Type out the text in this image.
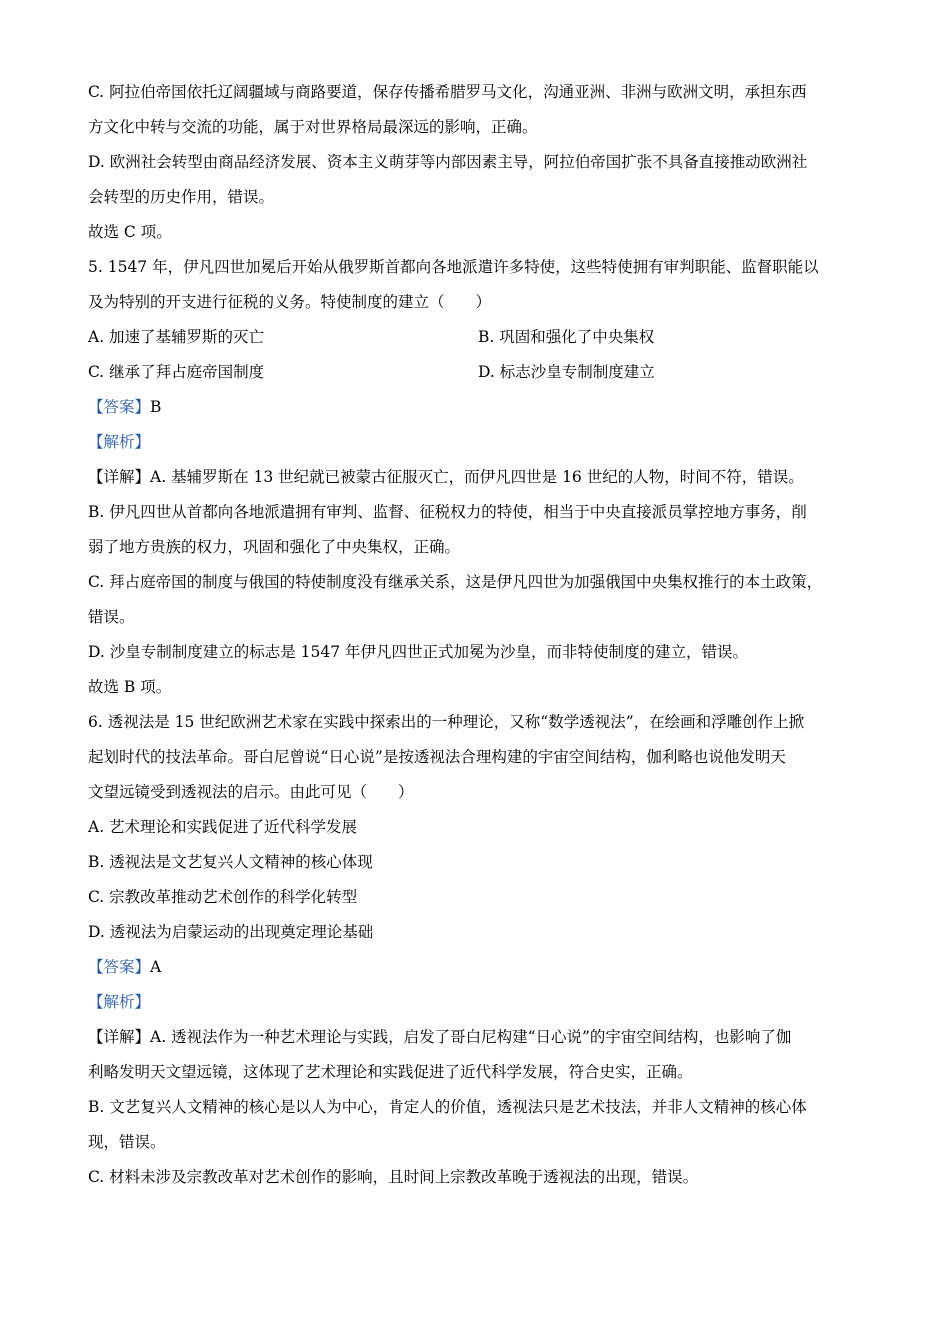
C. 阿拉伯帝国依托辽阔疆域与商路要道，保存传播希腊罗马文化，沟通亚洲、非洲与欧洲文明，承担东西
方文化中转与交流的功能，属于对世界格局最深远的影响，正确。
D. 欧洲社会转型由商品经济发展、资本主义萌芽等内部因素主导，阿拉伯帝国扩张不具备直接推动欧洲社
会转型的历史作用，错误。
故选 C 项。
5. 1547 年，伊凡四世加冕后开始从俄罗斯首都向各地派遣许多特使，这些特使拥有审判职能、监督职能以
及为特别的开支进行征税的义务。特使制度的建立（　　）
A. 加速了基辅罗斯的灭亡	B. 巩固和强化了中央集权
C. 继承了拜占庭帝国制度	D. 标志沙皇专制制度建立
【答案】B
【解析】
【详解】A. 基辅罗斯在 13 世纪就已被蒙古征服灭亡，而伊凡四世是 16 世纪的人物，时间不符，错误。
B. 伊凡四世从首都向各地派遣拥有审判、监督、征税权力的特使，相当于中央直接派员掌控地方事务，削
弱了地方贵族的权力，巩固和强化了中央集权，正确。
C. 拜占庭帝国的制度与俄国的特使制度没有继承关系，这是伊凡四世为加强俄国中央集权推行的本土政策，
错误。
D. 沙皇专制制度建立的标志是 1547 年伊凡四世正式加冕为沙皇，而非特使制度的建立，错误。
故选 B 项。
6. 透视法是 15 世纪欧洲艺术家在实践中探索出的一种理论，又称“数学透视法”，在绘画和浮雕创作上掀
起划时代的技法革命。哥白尼曾说“日心说”是按透视法合理构建的宇宙空间结构，伽利略也说他发明天
文望远镜受到透视法的启示。由此可见（　　）
A. 艺术理论和实践促进了近代科学发展
B. 透视法是文艺复兴人文精神的核心体现
C. 宗教改革推动艺术创作的科学化转型
D. 透视法为启蒙运动的出现奠定理论基础
【答案】A
【解析】
【详解】A. 透视法作为一种艺术理论与实践，启发了哥白尼构建“日心说”的宇宙空间结构，也影响了伽
利略发明天文望远镜，这体现了艺术理论和实践促进了近代科学发展，符合史实，正确。
B. 文艺复兴人文精神的核心是以人为中心，肯定人的价值，透视法只是艺术技法，并非人文精神的核心体
现，错误。
C. 材料未涉及宗教改革对艺术创作的影响，且时间上宗教改革晚于透视法的出现，错误。
